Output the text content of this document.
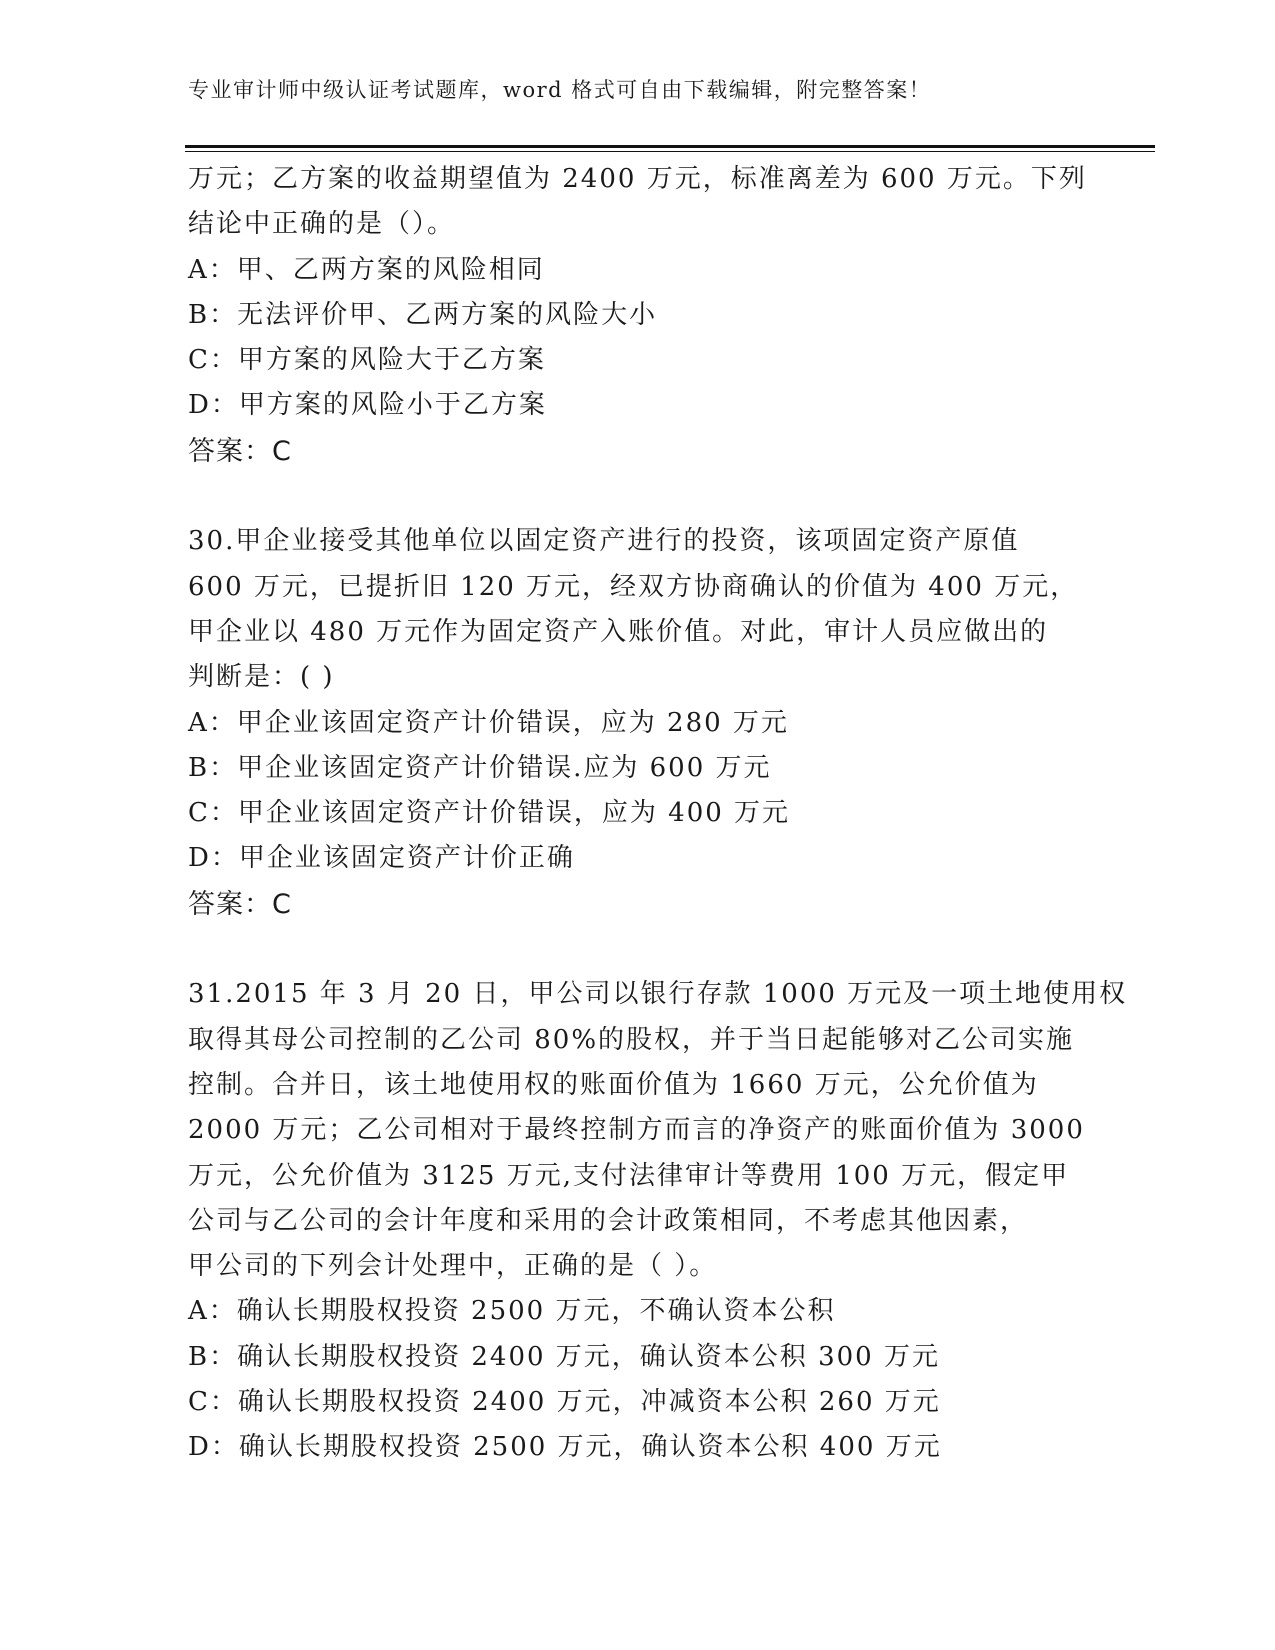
专业审计师中级认证考试题库，word 格式可自由下载编辑，附完整答案！
万元；乙方案的收益期望值为 2400 万元，标准离差为 600 万元。下列
结论中正确的是（）。
A：甲、乙两方案的风险相同
B：无法评价甲、乙两方案的风险大小
C：甲方案的风险大于乙方案
D：甲方案的风险小于乙方案
答案：C
30.甲企业接受其他单位以固定资产进行的投资，该项固定资产原值
600 万元，已提折旧 120 万元，经双方协商确认的价值为 400 万元，
甲企业以 480 万元作为固定资产入账价值。对此，审计人员应做出的
判断是：( )
A：甲企业该固定资产计价错误，应为 280 万元
B：甲企业该固定资产计价错误.应为 600 万元
C：甲企业该固定资产计价错误，应为 400 万元
D：甲企业该固定资产计价正确
答案：C
31.2015 年 3 月 20 日，甲公司以银行存款 1000 万元及一项土地使用权
取得其母公司控制的乙公司 80%的股权，并于当日起能够对乙公司实施
控制。合并日，该土地使用权的账面价值为 1660 万元，公允价值为
2000 万元；乙公司相对于最终控制方而言的净资产的账面价值为 3000
万元，公允价值为 3125 万元,支付法律审计等费用 100 万元，假定甲
公司与乙公司的会计年度和采用的会计政策相同，不考虑其他因素，
甲公司的下列会计处理中，正确的是（ ）。
A：确认长期股权投资 2500 万元，不确认资本公积
B：确认长期股权投资 2400 万元，确认资本公积 300 万元
C：确认长期股权投资 2400 万元，冲减资本公积 260 万元
D：确认长期股权投资 2500 万元，确认资本公积 400 万元
